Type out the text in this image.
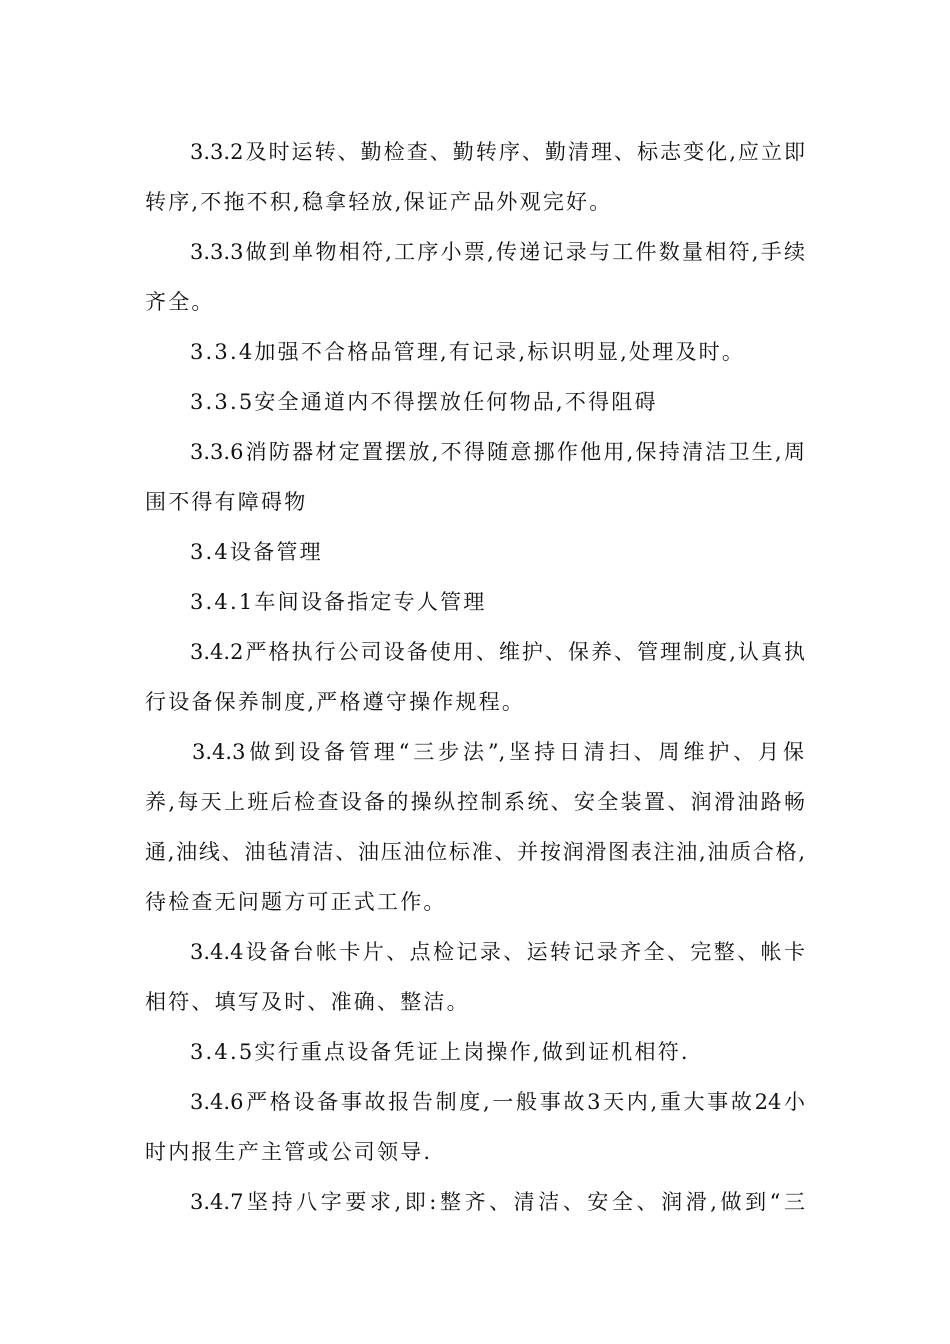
3.3.2及时运转、勤检查、勤转序、勤清理、标志变化,应立即
转序,不拖不积,稳拿轻放,保证产品外观完好。
3.3.3做到单物相符,工序小票,传递记录与工件数量相符,手续
齐全。
3.3.4加强不合格品管理,有记录,标识明显,处理及时。
3.3.5安全通道内不得摆放任何物品,不得阻碍
3.3.6消防器材定置摆放,不得随意挪作他用,保持清洁卫生,周
围不得有障碍物
3.4设备管理
3.4.1车间设备指定专人管理
3.4.2严格执行公司设备使用、维护、保养、管理制度,认真执
行设备保养制度,严格遵守操作规程。
3.4.3做到设备管理“三步法”,坚持日清扫、周维护、月保
养,每天上班后检查设备的操纵控制系统、安全装置、润滑油路畅
通,油线、油毡清洁、油压油位标准、并按润滑图表注油,油质合格,
待检查无问题方可正式工作。
3.4.4设备台帐卡片、点检记录、运转记录齐全、完整、帐卡
相符、填写及时、准确、整洁。
3.4.5实行重点设备凭证上岗操作,做到证机相符.
3.4.6严格设备事故报告制度,一般事故3天内,重大事故24小
时内报生产主管或公司领导.
3.4.7坚持八字要求,即:整齐、清洁、安全、润滑,做到“三
